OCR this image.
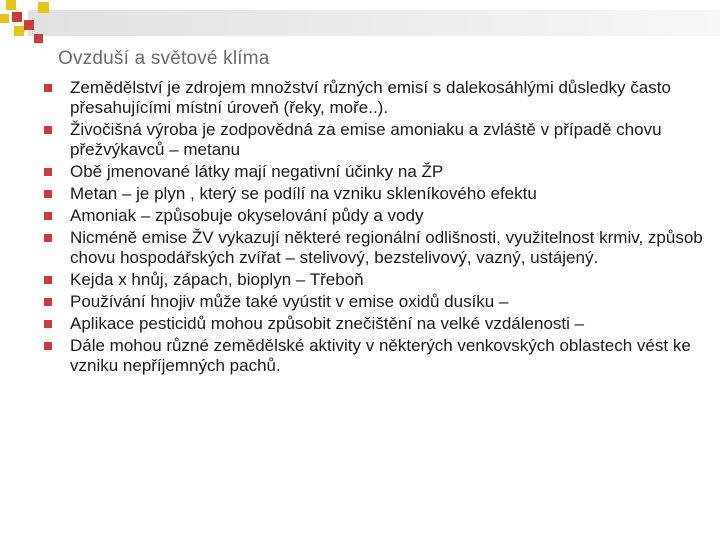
Ovzduší a světové klíma
Zemědělství je zdrojem množství různých emisí s dalekosáhlými důsledky často přesahujícími místní úroveň (řeky, moře..).
Živočišná výroba je zodpovědná za emise amoniaku a zvláště v případě chovu přežvýkavců – metanu
Obě jmenované látky mají negativní účinky na ŽP
Metan – je plyn , který se podílí na vzniku skleníkového efektu
Amoniak – způsobuje okyselování půdy a vody
Nicméně emise ŽV vykazují některé regionální odlišnosti, využitelnost krmiv, způsob chovu hospodářských zvířat – stelivový, bezstelivový, vazný, ustájený.
Kejda x hnůj, zápach, bioplyn – Třeboň
Používání hnojiv může také vyústit v emise oxidů dusíku –
Aplikace pesticidů mohou způsobit znečištění na velké vzdálenosti –
Dále mohou různé zemědělské aktivity v některých venkovských oblastech vést ke vzniku nepříjemných pachů.
